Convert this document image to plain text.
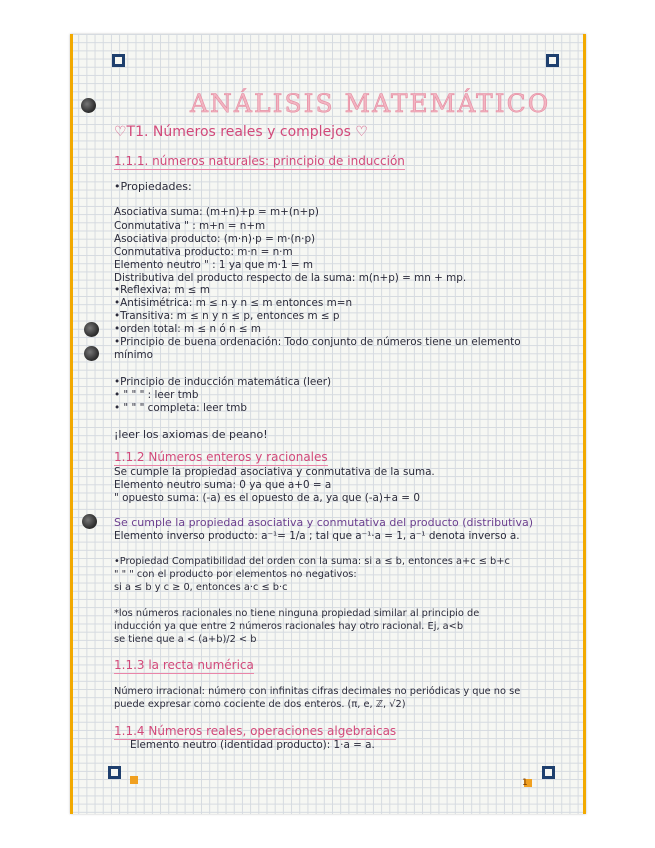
1
ANÁLISIS MATEMÁTICO
♡T1. Números reales y complejos ♡
1.1.1. números naturales: principio de inducción
•Propiedades:
Asociativa suma: (m+n)+p = m+(n+p)
Conmutativa " : m+n = n+m
Asociativa producto: (m·n)·p = m·(n·p)
Conmutativa producto: m·n = n·m
Elemento neutro " : 1 ya que m·1 = m
Distributiva del producto respecto de la suma: m(n+p) = mn + mp.
•Reflexiva: m ≤ m
•Antisimétrica: m ≤ n y n ≤ m entonces m=n
•Transitiva: m ≤ n y n ≤ p, entonces m ≤ p
•orden total: m ≤ n ó n ≤ m
•Principio de buena ordenación: Todo conjunto de números tiene un elemento
mínimo
•Principio de inducción matemática (leer)
• " " " : leer tmb
• " " " completa: leer tmb
¡leer los axiomas de peano!
1.1.2 Números enteros y racionales
Se cumple la propiedad asociativa y conmutativa de la suma.
Elemento neutro suma: 0 ya que a+0 = a
" opuesto suma: (-a) es el opuesto de a, ya que (-a)+a = 0
Se cumple la propiedad asociativa y conmutativa del producto (distributiva)
Elemento inverso producto: a⁻¹= 1/a ; tal que a⁻¹·a = 1, a⁻¹ denota inverso a.
•Propiedad Compatibilidad del orden con la suma: si a ≤ b, entonces a+c ≤ b+c
" " " con el producto por elementos no negativos:
si a ≤ b y c ≥ 0, entonces a·c ≤ b·c
*los números racionales no tiene ninguna propiedad similar al principio de
inducción ya que entre 2 números racionales hay otro racional. Ej, a<b
se tiene que a < (a+b)/2 < b
1.1.3 la recta numérica
Número irracional: número con infinitas cifras decimales no periódicas y que no se
puede expresar como cociente de dos enteros. (π, e, ℤ, √2)
1.1.4 Números reales, operaciones algebraicas
Elemento neutro (identidad producto): 1·a = a.
